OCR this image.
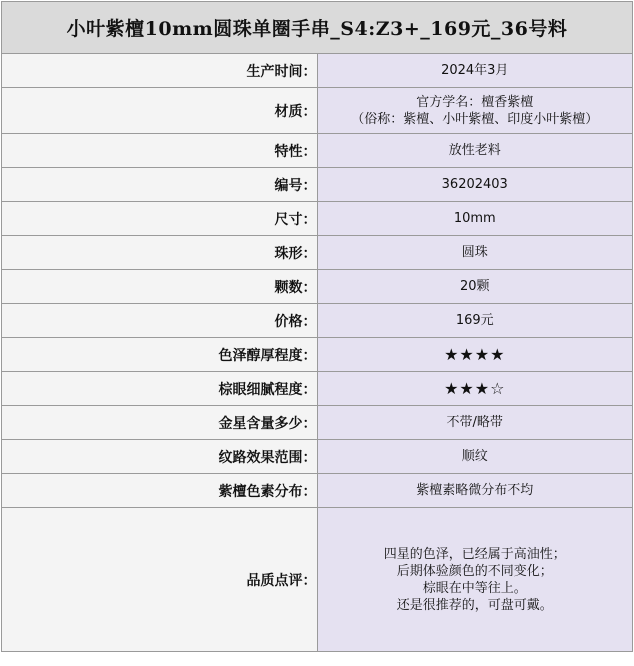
小叶紫檀10mm圆珠单圈手串_S4:Z3+_169元_36号料	
生产时间：	2024年3月

材质：	官方学名：檀香紫檀
（俗称：紫檀、小叶紫檀、印度小叶紫檀）

特性：	放性老料

编号：	36202403

尺寸：	10mm

珠形：	圆珠

颗数：	20颗

价格：	169元

色泽醇厚程度：	★★★★

棕眼细腻程度：	★★★☆

金星含量多少：	不带/略带

纹路效果范围：	顺纹

紫檀色素分布：	紫檀素略微分布不均

品质点评：	四星的色泽，已经属于高油性；
后期体验颜色的不同变化；
棕眼在中等往上。
还是很推荐的，可盘可戴。
